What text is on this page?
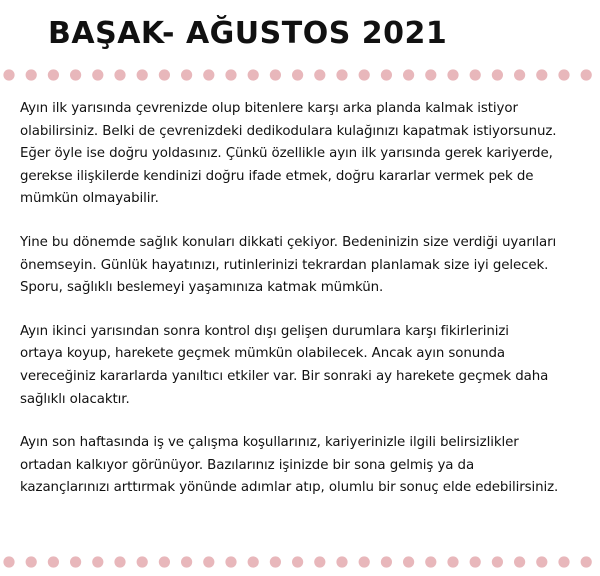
BAŞAK- AĞUSTOS 2021

Ayın ilk yarısında çevrenizde olup bitenlere karşı arka planda kalmak istiyor
olabilirsiniz. Belki de çevrenizdeki dedikodulara kulağınızı kapatmak istiyorsunuz.
Eğer öyle ise doğru yoldasınız. Çünkü özellikle ayın ilk yarısında gerek kariyerde,
gerekse ilişkilerde kendinizi doğru ifade etmek, doğru kararlar vermek pek de
mümkün olmayabilir.

Yine bu dönemde sağlık konuları dikkati çekiyor. Bedeninizin size verdiği uyarıları
önemseyin. Günlük hayatınızı, rutinlerinizi tekrardan planlamak size iyi gelecek.
Sporu, sağlıklı beslemeyi yaşamınıza katmak mümkün.

Ayın ikinci yarısından sonra kontrol dışı gelişen durumlara karşı fikirlerinizi
ortaya koyup, harekete geçmek mümkün olabilecek. Ancak ayın sonunda
vereceğiniz kararlarda yanıltıcı etkiler var. Bir sonraki ay harekete geçmek daha
sağlıklı olacaktır.

Ayın son haftasında iş ve çalışma koşullarınız, kariyerinizle ilgili belirsizlikler
ortadan kalkıyor görünüyor. Bazılarınız işinizde bir sona gelmiş ya da
kazançlarınızı arttırmak yönünde adımlar atıp, olumlu bir sonuç elde edebilirsiniz.
